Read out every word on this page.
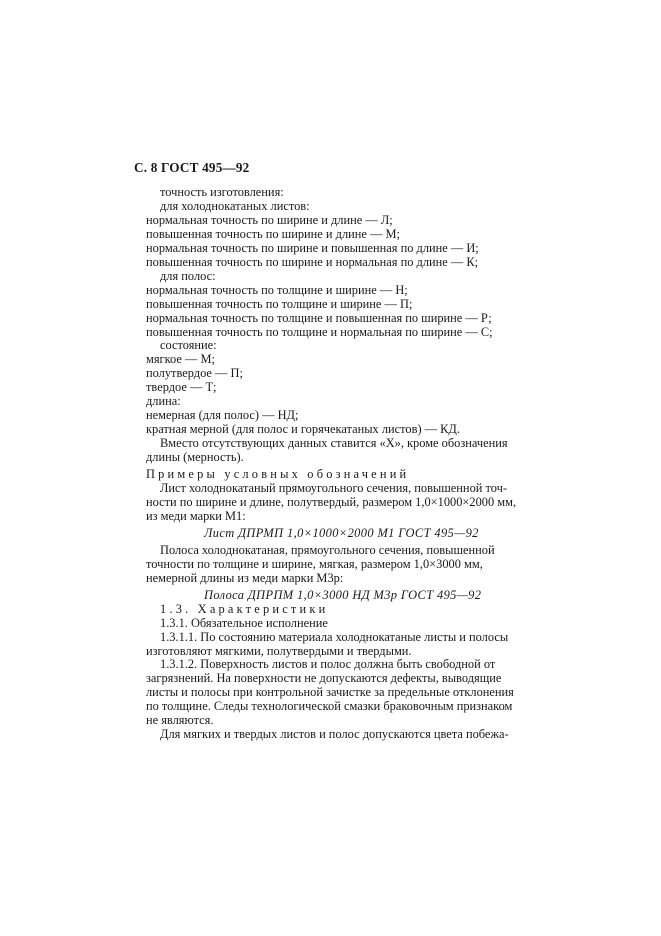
С. 8 ГОСТ 495—92
точность изготовления:
для холоднокатаных листов:
нормальная точность по ширине и длине — Л;
повышенная точность по ширине и длине — М;
нормальная точность по ширине и повышенная по длине — И;
повышенная точность по ширине и нормальная по длине — К;
для полос:
нормальная точность по толщине и ширине — Н;
повышенная точность по толщине и ширине — П;
нормальная точность по толщине и повышенная по ширине — Р;
повышенная точность по толщине и нормальная по ширине — С;
состояние:
мягкое — М;
полутвердое — П;
твердое — Т;
длина:
немерная (для полос) — НД;
кратная мерной (для полос и горячекатаных листов) — КД.
Вместо отсутствующих данных ставится «Х», кроме обозначения
длины (мерность).
Примеры условных обозначений
Лист холоднокатаный прямоугольного сечения, повышенной точ-
ности по ширине и длине, полутвердый, размером 1,0×1000×2000 мм,
из меди марки М1:
Лист ДПРМП 1,0×1000×2000 М1 ГОСТ 495—92
Полоса холоднокатаная, прямоугольного сечения, повышенной
точности по толщине и ширине, мягкая, размером 1,0×3000 мм,
немерной длины из меди марки М3р:
Полоса ДПРПМ 1,0×3000 НД М3р ГОСТ 495—92
1.3. Характеристики
1.3.1. Обязательное исполнение
1.3.1.1. По состоянию материала холоднокатаные листы и полосы
изготовляют мягкими, полутвердыми и твердыми.
1.3.1.2. Поверхность листов и полос должна быть свободной от
загрязнений. На поверхности не допускаются дефекты, выводящие
листы и полосы при контрольной зачистке за предельные отклонения
по толщине. Следы технологической смазки браковочным признаком
не являются.
Для мягких и твердых листов и полос допускаются цвета побежа-
